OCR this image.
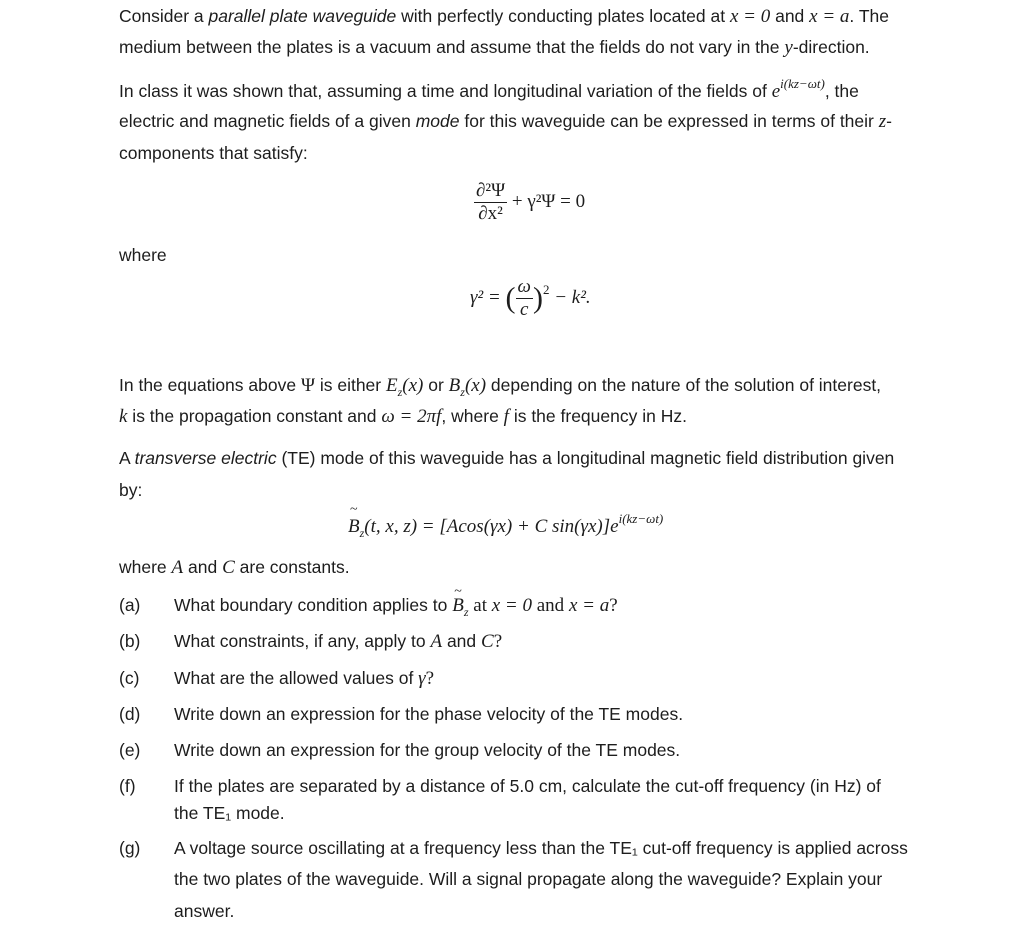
Consider a parallel plate waveguide with perfectly conducting plates located at x = 0 and x = a. The
medium between the plates is a vacuum and assume that the fields do not vary in the y-direction.
In class it was shown that, assuming a time and longitudinal variation of the fields of $e^{i(kz-\omega t)}$, the
electric and magnetic fields of a given mode for this waveguide can be expressed in terms of their z-
components that satisfy:
$\frac{\text{∂²Ψ}}{\text{∂x²}} + \gamma^2\Psi = 0$
where
γ² = ( $\frac{\omega}{c} )^2 - k^2$.
In the equations above Ψ is either $E_z(x)$ or $B_z(x)$ depending on the nature of the solution of interest,
k is the propagation constant and ω = 2πf, where f is the frequency in Hz.
A transverse electric (TE) mode of this waveguide has a longitudinal magnetic field distribution given
by:
~ $B_z(t$, x, z) = [Acos(γx) + C $\sin(\gamma x)]e^{i(kz-\omega t)}$
where A and C are constants.
(a) What boundary condition applies to ~ $B_z$ at x = 0 and x = a?
(b) What constraints, if any, apply to A and C?
(c) What are the allowed values of γ?
(d) Write down an expression for the phase velocity of the TE modes.
(e) Write down an expression for the group velocity of the TE modes.
(f) If the plates are separated by a distance of 5.0 cm, calculate the cut-off frequency (in Hz) of
the TE₁ mode.
(g) A voltage source oscillating at a frequency less than the TE₁ cut-off frequency is applied across
the two plates of the waveguide. Will a signal propagate along the waveguide? Explain your
answer.
